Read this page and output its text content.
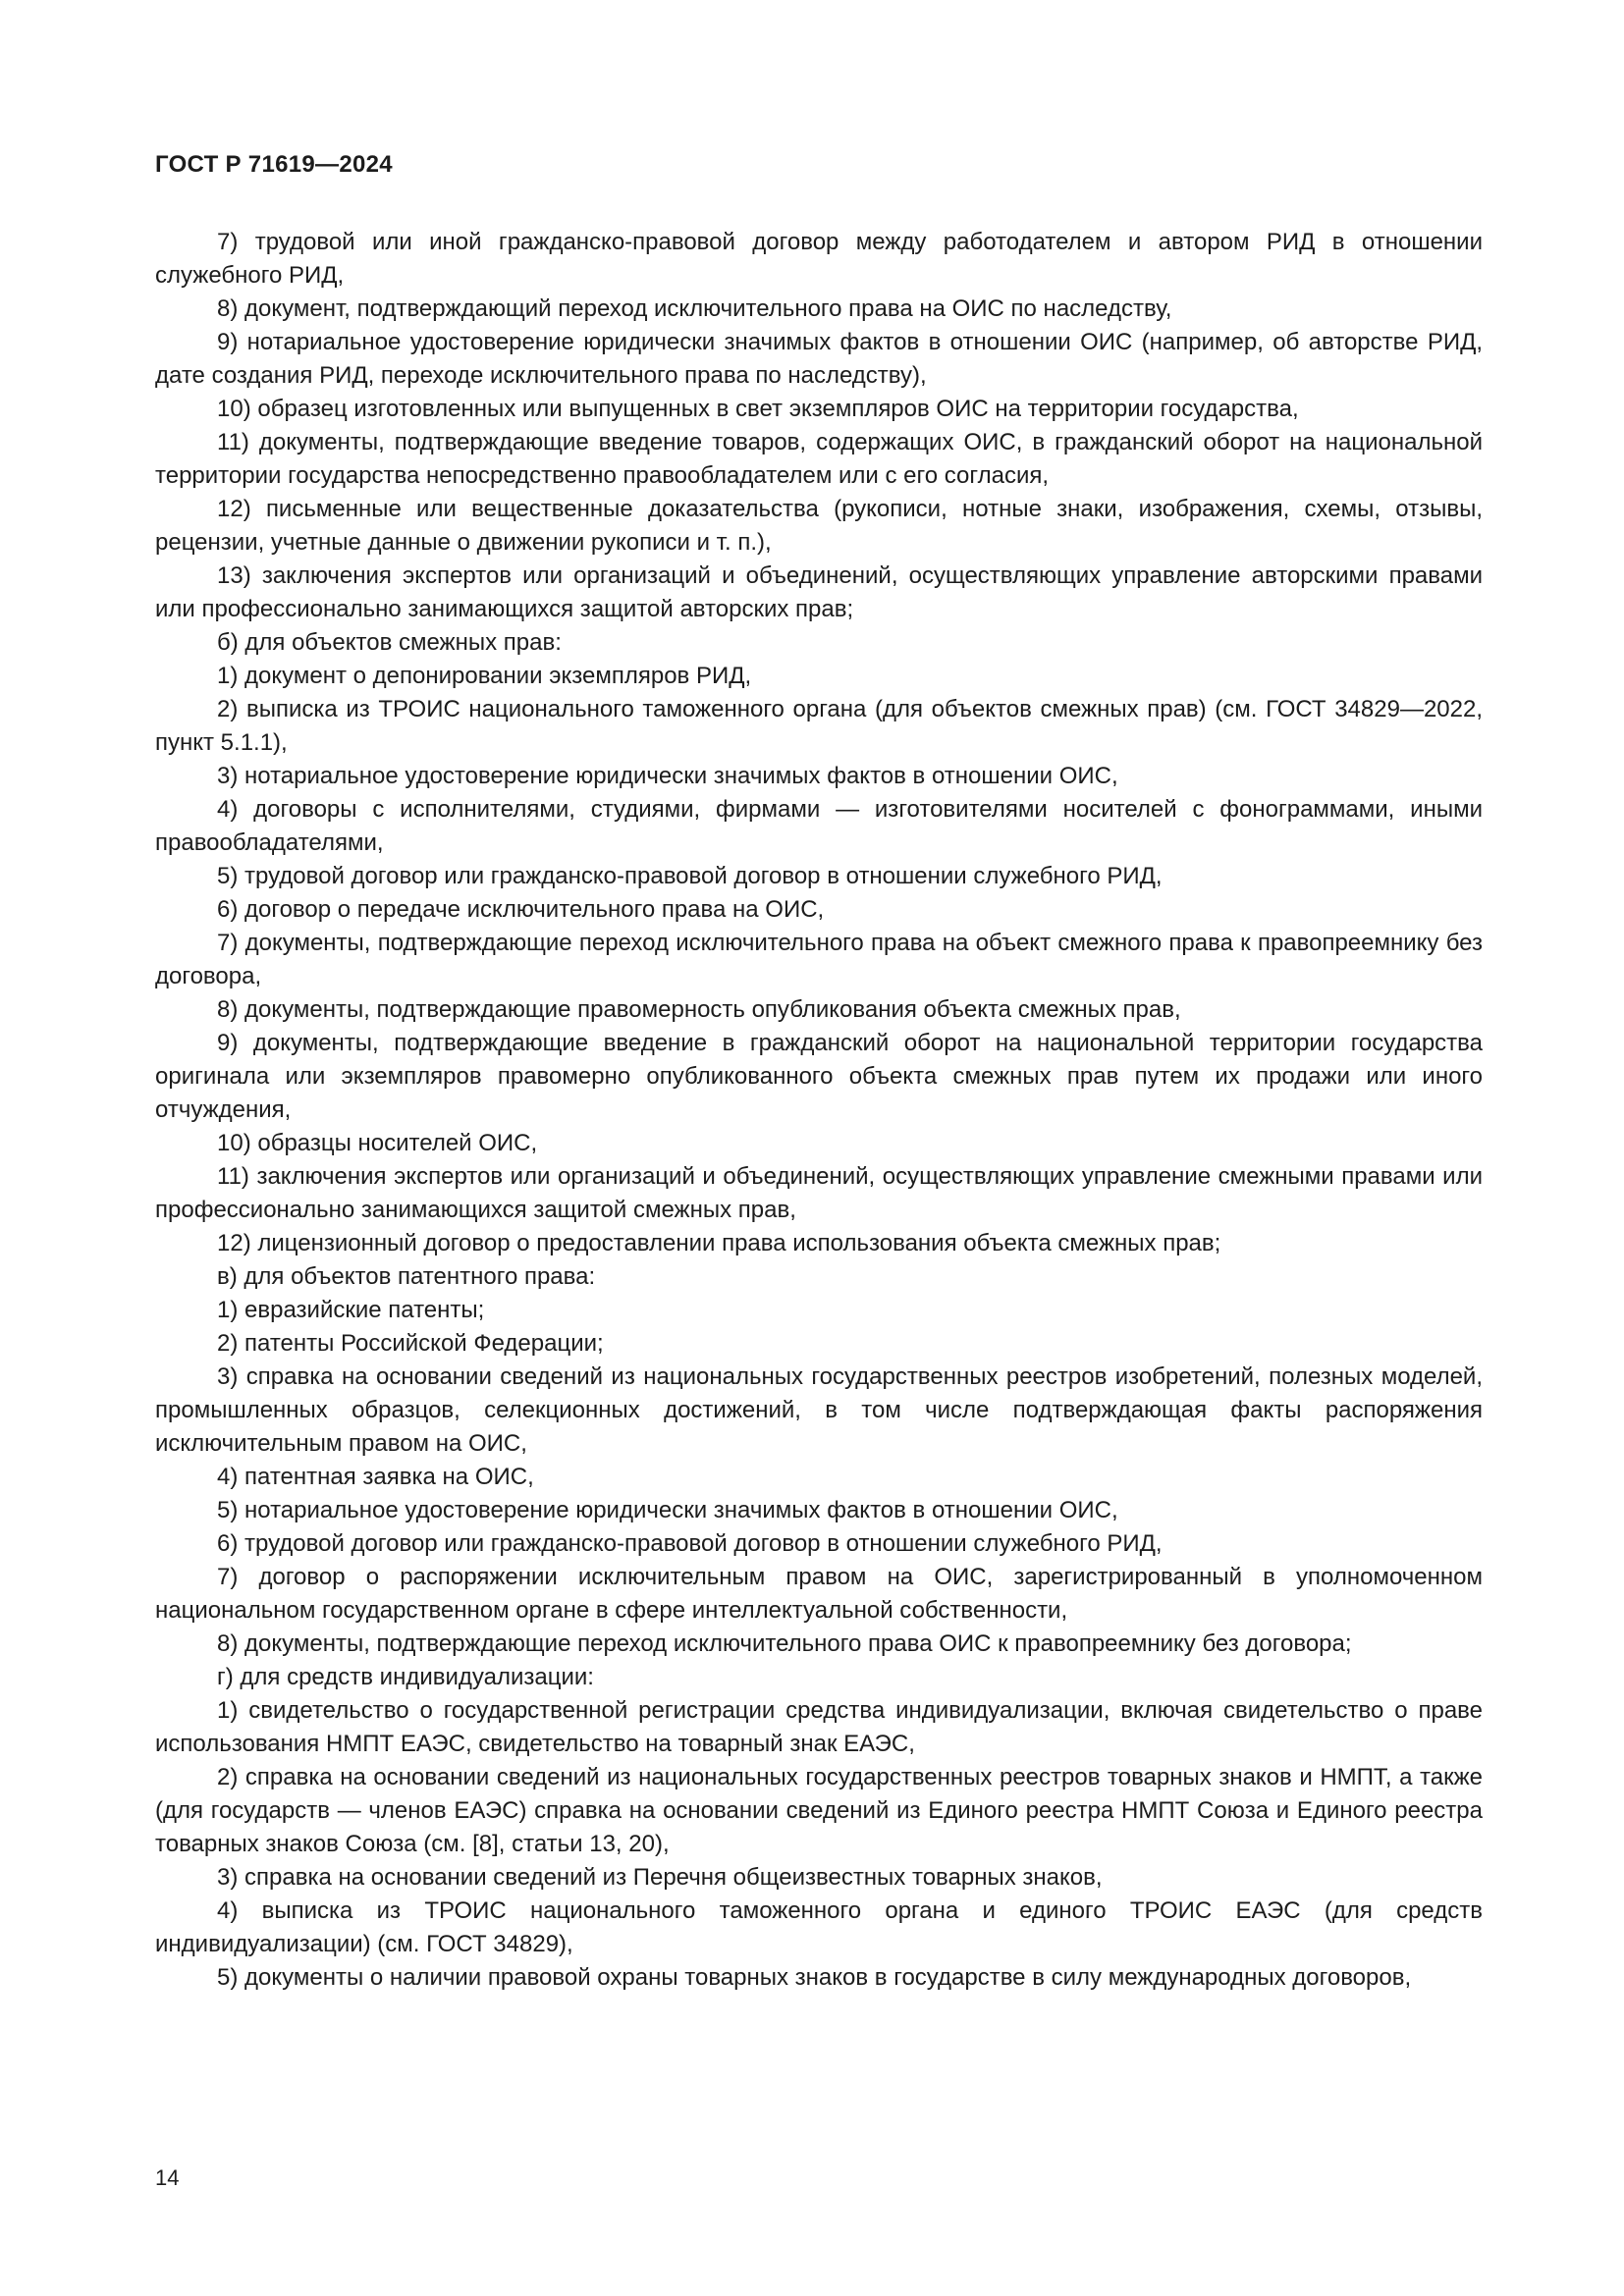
ГОСТ Р 71619—2024

7) трудовой или иной гражданско-правовой договор между работодателем и автором РИД в отношении служебного РИД,

8) документ, подтверждающий переход исключительного права на ОИС по наследству,

9) нотариальное удостоверение юридически значимых фактов в отношении ОИС (например, об авторстве РИД, дате создания РИД, переходе исключительного права по наследству),

10) образец изготовленных или выпущенных в свет экземпляров ОИС на территории государства,

11) документы, подтверждающие введение товаров, содержащих ОИС, в гражданский оборот на национальной территории государства непосредственно правообладателем или с его согласия,

12) письменные или вещественные доказательства (рукописи, нотные знаки, изображения, схемы, отзывы, рецензии, учетные данные о движении рукописи и т. п.),

13) заключения экспертов или организаций и объединений, осуществляющих управление авторскими правами или профессионально занимающихся защитой авторских прав;

б) для объектов смежных прав:

1) документ о депонировании экземпляров РИД,

2) выписка из ТРОИС национального таможенного органа (для объектов смежных прав) (см. ГОСТ 34829—2022, пункт 5.1.1),

3) нотариальное удостоверение юридически значимых фактов в отношении ОИС,

4) договоры с исполнителями, студиями, фирмами — изготовителями носителей с фонограммами, иными правообладателями,

5) трудовой договор или гражданско-правовой договор в отношении служебного РИД,

6) договор о передаче исключительного права на ОИС,

7) документы, подтверждающие переход исключительного права на объект смежного права к правопреемнику без договора,

8) документы, подтверждающие правомерность опубликования объекта смежных прав,

9) документы, подтверждающие введение в гражданский оборот на национальной территории государства оригинала или экземпляров правомерно опубликованного объекта смежных прав путем их продажи или иного отчуждения,

10) образцы носителей ОИС,

11) заключения экспертов или организаций и объединений, осуществляющих управление смежными правами или профессионально занимающихся защитой смежных прав,

12) лицензионный договор о предоставлении права использования объекта смежных прав;

в) для объектов патентного права:

1) евразийские патенты;

2) патенты Российской Федерации;

3) справка на основании сведений из национальных государственных реестров изобретений, полезных моделей, промышленных образцов, селекционных достижений, в том числе подтверждающая факты распоряжения исключительным правом на ОИС,

4) патентная заявка на ОИС,

5) нотариальное удостоверение юридически значимых фактов в отношении ОИС,

6) трудовой договор или гражданско-правовой договор в отношении служебного РИД,

7) договор о распоряжении исключительным правом на ОИС, зарегистрированный в уполномоченном национальном государственном органе в сфере интеллектуальной собственности,

8) документы, подтверждающие переход исключительного права ОИС к правопреемнику без договора;

г) для средств индивидуализации:

1) свидетельство о государственной регистрации средства индивидуализации, включая свидетельство о праве использования НМПТ ЕАЭС, свидетельство на товарный знак ЕАЭС,

2) справка на основании сведений из национальных государственных реестров товарных знаков и НМПТ, а также (для государств — членов ЕАЭС) справка на основании сведений из Единого реестра НМПТ Союза и Единого реестра товарных знаков Союза (см. [8], статьи 13, 20),

3) справка на основании сведений из Перечня общеизвестных товарных знаков,

4) выписка из ТРОИС национального таможенного органа и единого ТРОИС ЕАЭС (для средств индивидуализации) (см. ГОСТ 34829),

5) документы о наличии правовой охраны товарных знаков в государстве в силу международных договоров,

14
